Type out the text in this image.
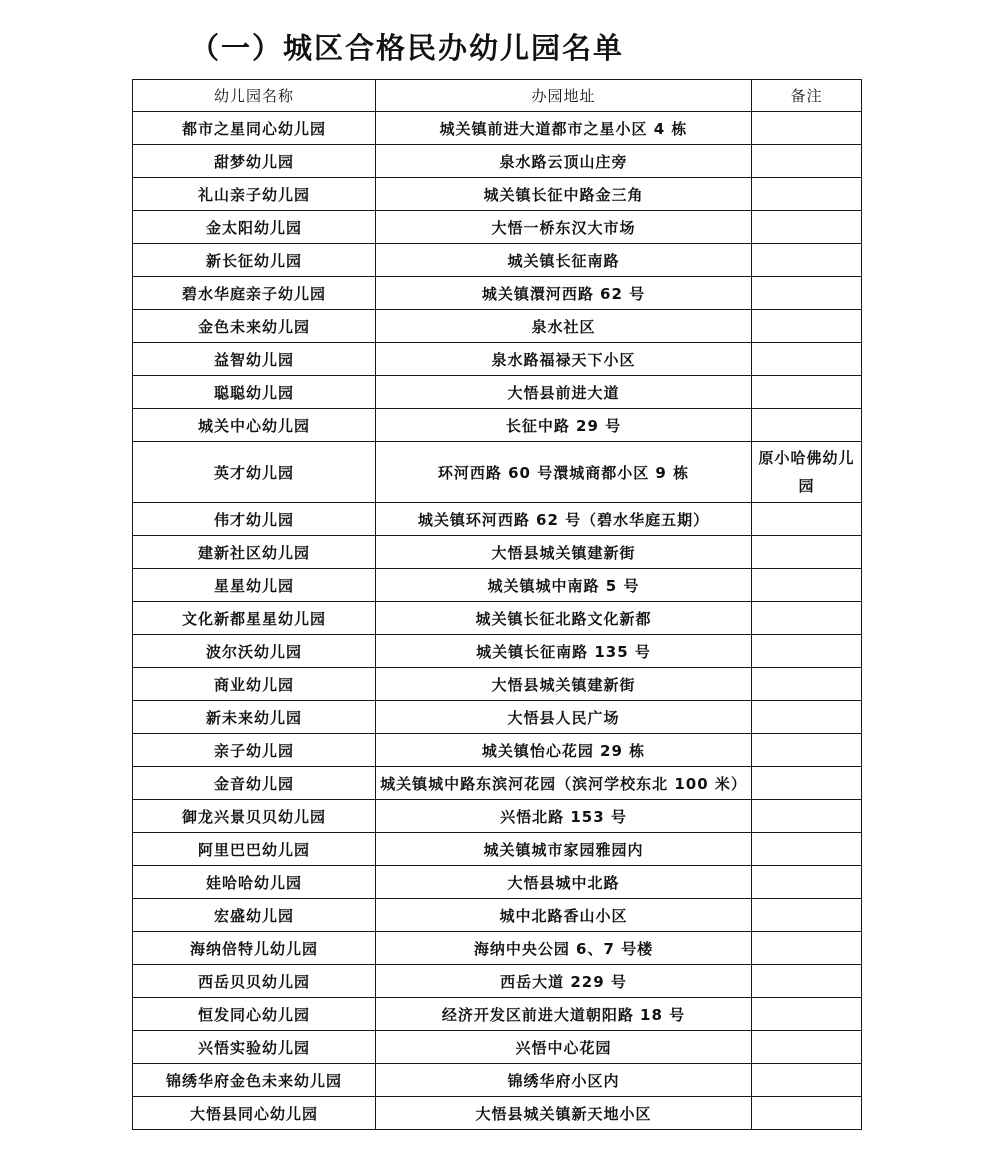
（一）城区合格民办幼儿园名单
幼儿园名称	办园地址	备注
都市之星同心幼儿园	城关镇前进大道都市之星小区 4 栋	
甜梦幼儿园	泉水路云顶山庄旁	
礼山亲子幼儿园	城关镇长征中路金三角	
金太阳幼儿园	大悟一桥东汉大市场	
新长征幼儿园	城关镇长征南路	
碧水华庭亲子幼儿园	城关镇澴河西路 62 号	
金色未来幼儿园	泉水社区	
益智幼儿园	泉水路福禄天下小区	
聪聪幼儿园	大悟县前进大道	
城关中心幼儿园	长征中路 29 号	
英才幼儿园	环河西路 60 号澴城商都小区 9 栋	原小哈佛幼儿园
伟才幼儿园	城关镇环河西路 62 号（碧水华庭五期）	
建新社区幼儿园	大悟县城关镇建新街	
星星幼儿园	城关镇城中南路 5 号	
文化新都星星幼儿园	城关镇长征北路文化新都	
波尔沃幼儿园	城关镇长征南路 135 号	
商业幼儿园	大悟县城关镇建新街	
新未来幼儿园	大悟县人民广场	
亲子幼儿园	城关镇怡心花园 29 栋	
金音幼儿园	城关镇城中路东滨河花园（滨河学校东北 100 米）	
御龙兴景贝贝幼儿园	兴悟北路 153 号	
阿里巴巴幼儿园	城关镇城市家园雅园内	
娃哈哈幼儿园	大悟县城中北路	
宏盛幼儿园	城中北路香山小区	
海纳倍特儿幼儿园	海纳中央公园 6、7 号楼	
西岳贝贝幼儿园	西岳大道 229 号	
恒发同心幼儿园	经济开发区前进大道朝阳路 18 号	
兴悟实验幼儿园	兴悟中心花园	
锦绣华府金色未来幼儿园	锦绣华府小区内	
大悟县同心幼儿园	大悟县城关镇新天地小区	
